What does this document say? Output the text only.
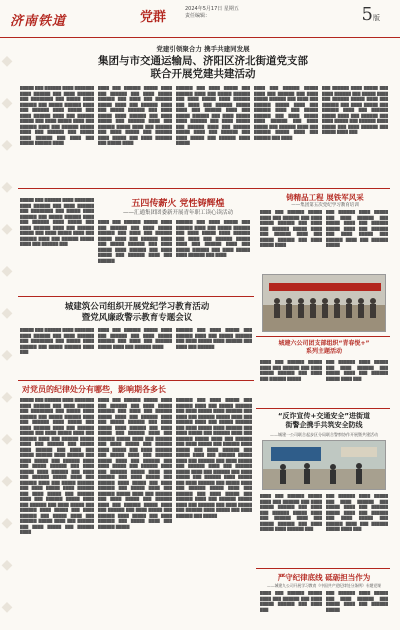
济南铁道	党群
2024年5月17日 星期五
责任编辑：	5版
◆
◆
◆
◆
◆
◆
◆
◆
◆
◆
◆
◆
◆
◆
党建引领聚合力 携手共建同发展
集团与市交通运输局、济阳区济北街道党支部
联合开展党建共建活动
█████ ███ ██████ ████ ███████ ████ ██████ ███ ████ ██████ ███ ████████ ███ █████ ████ ██████ ███ █████ ██████ ████ ███ ██████ ████ █████ ███ ████ ██████ ████ ███ ██████ █████ ███ ████ █████ ████ ███ ██████ ████ ███ ██████ █████ ████ ███ ██████ ███ █████ ████ ██████ ███ ████ ███ █████ ██████ ████
████ ███ ██████ █████ ████ ███ ██████ ███ ████ █████ ██████ ███ ████ ███ ██████ █████ ████ ███ ██████ ████ ███ █████ ██████ ███ ████ █████ ████ ██████ ███ ████ █████ ███ ██████ ████ ███ ██████ █████ ████ ███ ██████ ███ ████ █████ ███ ██████ ████ █████ ███ ████ ██████ ███ █████ ████
██████ ███ ████ █████ ███ ██████ ████ ███ █████ ██████ ███ ████ █████ ████ ██████ ███ ████ ███ ██████ █████ ████ ███ ██████ ████ ███ █████ ██████ ███ ████ █████ ████ ██████ ███ ████ █████ ███ ██████ ████ ███ ██████ █████ ████ ███ ██████ ███ ████ █████ ███ ██████ ████ █████
████ ███ ██████ █████ ████ ███ ██████ ███ ████ █████ ██████ ███ ████ ███ ██████ █████ ████ ███ ██████ ████ ███ █████ ██████ ███ ████ █████ ████ ██████ ███ ████ █████ ███ ██████ ████ ███ ██████ █████ ████ ███ ██████ ███ ████
███ ██████ ████ █████ ███ ████ ██████ ███ █████ ████ ███ ██████ █████ ████ ███ ██████ ███ ████ █████ ███ ██████ ████ ███ ██████ █████ ████ ███ ██████ ███ ████ █████ ███ ██████ ████ █████ ███ ████ ██████ ███ █████ ████ ███
五四传薪火 党性铸辉煌
——汇通集团团委新开展青年职工读心读活动
█████ ███ ██████ ████ ███████ ████ ██████ ███ ████ ██████ ███ ████████ ███ █████ ████ ██████ ███ █████ ██████ ████ ███ ██████ ████ █████ ███ ████ ██████ ████ ███ ██████ █████ ███ ████ █████ ████ ███ ██████ ████ ███ ██████ █████ ████ ███ ██████ ███
████ ███ ██████ █████ ████ ███ ██████ ███ ████ █████ ██████ ███ ████ ███ ██████ █████ ████ ███ ██████ ████ ███ █████ ██████ ███ ████ █████ ████ ██████ ███ ████ █████ ███ ██████ ████ ███ ██████
██████ ███ ████ █████ ███ ██████ ████ ███ █████ ██████ ███ ████ █████ ████ ██████ ███ ████ ███ ██████ █████ ████ ███ ██████ ████ ███ █████ ██████ ███ ████ █████ ████ ██████ ███ ████
铸精品工程 展铁军风采
——集团第五次党纪学习教育培训
████ ███ ██████ █████ ████ ███ ██████ ███ ████ █████ ██████ ███ ████ ███ ██████ █████ ████ ███ ██████ ████ ███ █████ ██████ ███ ████ █████ ████
███ ██████ ████ █████ ███ ████ ██████ ███ █████ ████ ███ ██████ █████ ████ ███ ██████ ███ ████ █████ ███ ██████ ████ ███ ██████ █████
城建筑公司组织开展党纪学习教育活动
暨党风廉政警示教育专题会议
█████ ███ ██████ ████ ███████ ████ ██████ ███ ████ ██████ ███ ████████ ███ █████ ████ ██████ ███ █████ ██████ ████ ███
████ ███ ██████ █████ ████ ███ ██████ ███ ████ █████ ██████ ███ ████ ███ ██████ █████ ████ ███ ██████ ████
██████ ███ ████ █████ ███ ██████ ████ ███ █████ ██████ ███ ████ █████ ████ ██████ ███ ████ ███ ██████	城建六公司团支部组织“青春悦+”
系列主题活动
████ ███ ██████ █████ ████ ███ ██████ ███ ████ █████ ██████ ███ ████ ███ ██████ █████
███ ██████ ████ █████ ███ ████ ██████ ███ █████ ████ ███ ██████ █████ ████ ███
对党员的纪律处分有哪些，影响期各多长
█████ ███ ██████ ████ ███████ ████ ██████ ███ ████ ██████ ███ ████████ ███ █████ ████ ██████ ███ █████ ██████ ████ ███ ██████ ████ █████ ███ ████ ██████ ████ ███ ██████ █████ ███ ████ █████ ████ ███ ██████ ████ ███ ██████ █████ ████ ███ ██████ ███ █████ ████ ██████ ███ ████ ███ █████ ██████ ████ ██████ ███ ████ █████ ███ ██████ ████ ███ █████ ██████ ███ ████ █████ ████ ██████ ███ ████ ███ ██████ █████ ████ ███ ██████ ████ ███ █████ ██████ ███ ████ █████ ████ ██████ ███ ████ █████ ███ ██████ ████ ███ ██████ █████ ████ ███ ██████ ███ ████ █████ ███ ██████ ████ █████ ███ ████ ██████ ███ █████ ████ ███ ██████ █████ ████ ███ ██████ ███ ████ █████ ███ ██████ ████
████ ███ ██████ █████ ████ ███ ██████ ███ ████ █████ ██████ ███ ████ ███ ██████ █████ ████ ███ ██████ ████ ███ █████ ██████ ███ ████ █████ ████ ██████ ███ ████ █████ ███ ██████ ████ ███ ██████ █████ ████ ███ ██████ ███ ████ █████ ███ ██████ ████ █████ ███ ████ ██████ ███ █████ ████ ███ ██████ █████ ████ ███ ██████ ███ ████ █████ ███ ██████ ████ ███ ██████ █████ ████ ███ ██████ ███ ████ █████ ███ ██████ ████ █████ ███ ████ ██████ ███ █████ ████ ███ ██████ █████ ████ ███ ██████ ███ ████ █████ ███ ██████ ████ ███ ██████ █████ ████ ███ ██████ ███ ████ █████ ███ ██████ ████ █████ ███ ████ ██████ ███ █████ ████ ███ ██████ █████
██████ ███ ████ █████ ███ ██████ ████ ███ █████ ██████ ███ ████ █████ ████ ██████ ███ ████ ███ ██████ █████ ████ ███ ██████ ████ ███ █████ ██████ ███ ████ █████ ████ ██████ ███ ████ █████ ███ ██████ ████ ███ ██████ █████ ████ ███ ██████ ███ ████ █████ ███ ██████ ████ █████ ███ ████ ██████ ███ █████ ████ ███ ██████ █████ ████ ███ ██████ ███ ████ █████ ███ ██████ ████ ███ ██████ █████ ████ ███ ██████ ███ ████ █████ ███ ██████ ████ █████ ███ ████ ██████ ███ █████ ████ ███ ██████ █████ ████ ███ ██████ ███ ████ █████ ███ ██████ ████ ███ ██████ █████ ████ ███ ██████ ███ ████ █████ ███ ██████ ████ █████ ███ ████ ██████ ███ █████
“反诈宣传+交通安全”进街道
街警企携手共筑安全防线
——城建一公司联合起步区分局联合警察协作开展暨共建活动
████ ███ ██████ █████ ████ ███ ██████ ███ ████ █████ ██████ ███ ████ ███ ██████ █████ ████ ███ ██████ ████ ███ █████ ██████ ███ ████ █████ ████ ██████ ███
███ ██████ ████ █████ ███ ████ ██████ ███ █████ ████ ███ ██████ █████ ████ ███ ██████ ███ ████ █████ ███ ██████ ████ ███ ██████ █████ ████ ███
严守纪律底线 砥砺担当作为
——城建九公司开展学习教育《中国共产党纪律处分条例》专题党课
████ ███ ██████ █████ ████ ███ ██████ ███ ████ █████ ██████ ███ ████ ███
███ ██████ ████ █████ ███ ████ ██████ ███ █████ ████ ███ ██████ █████
